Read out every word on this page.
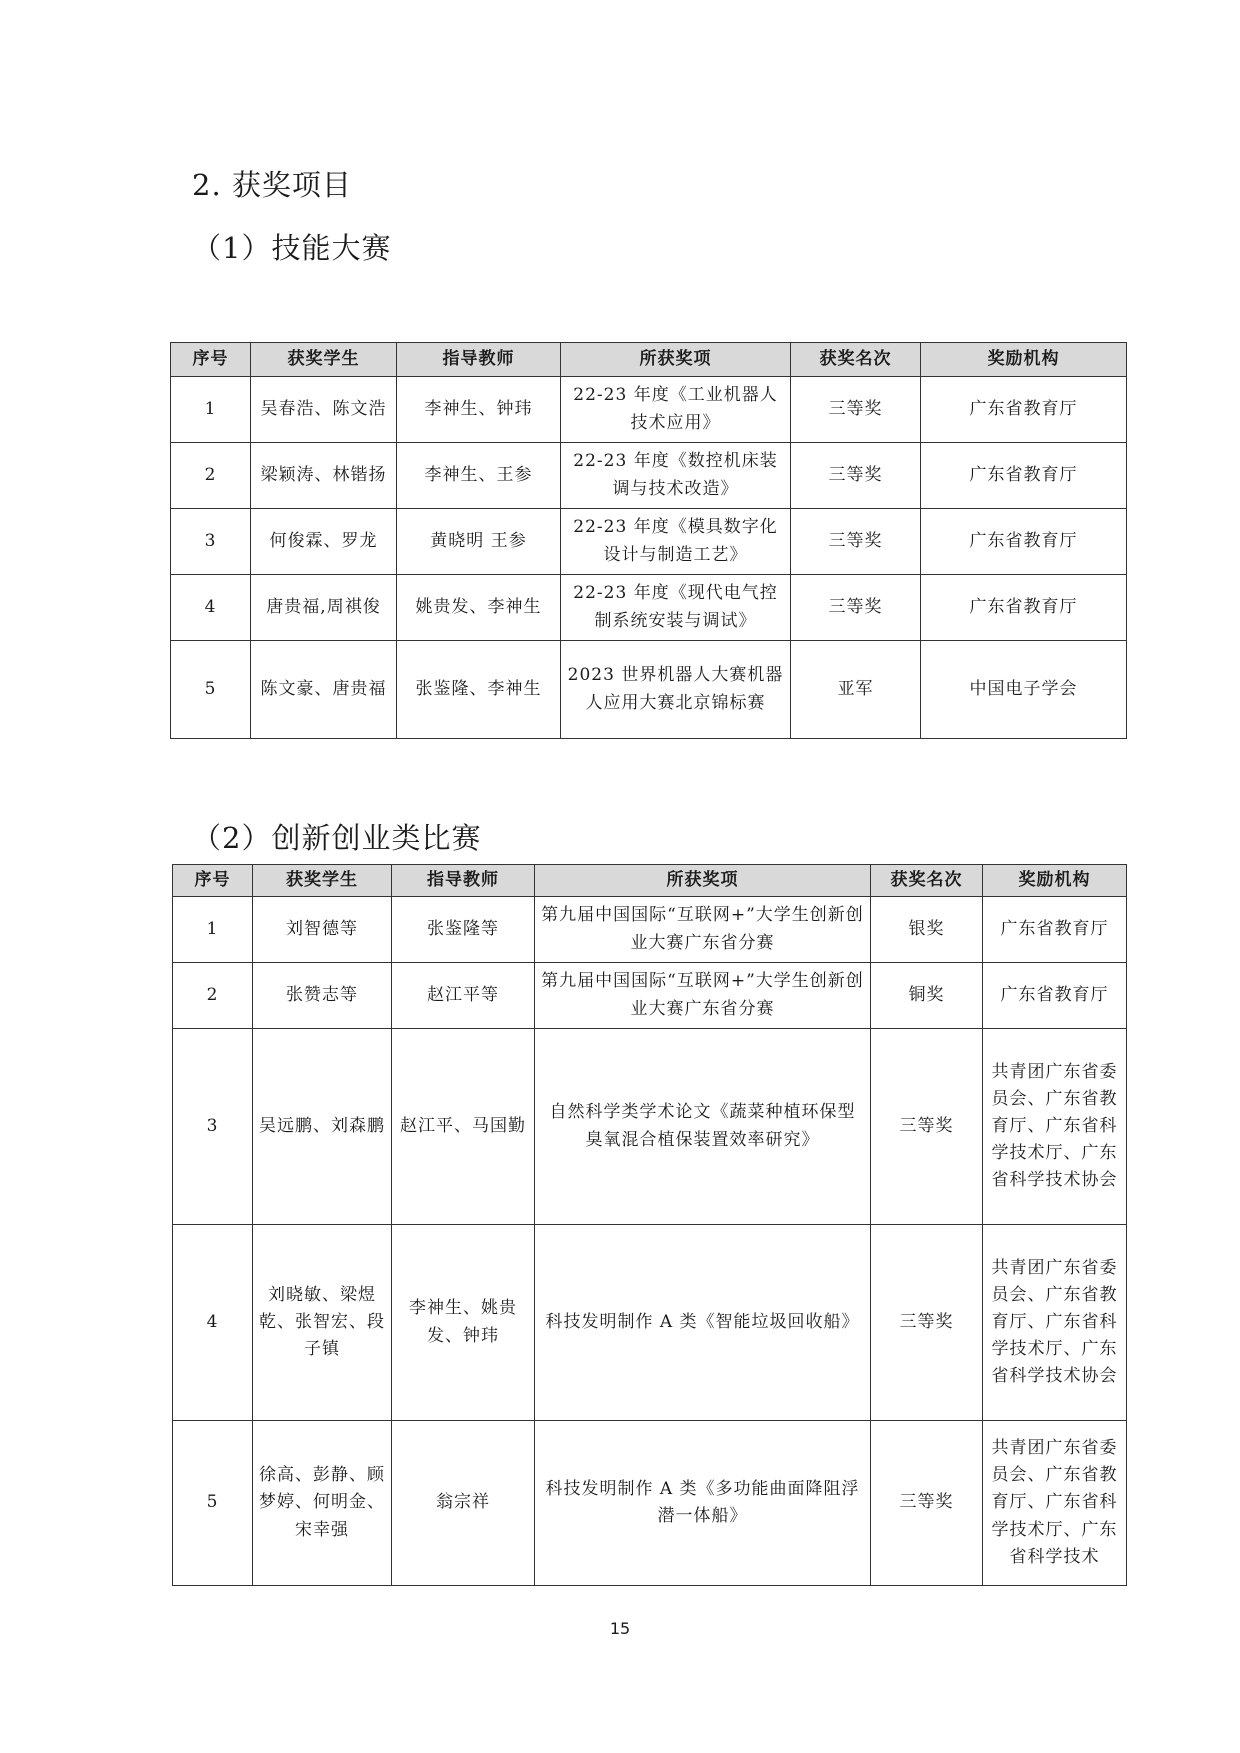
2. 获奖项目
（1）技能大赛
序号	获奖学生	指导教师	所获奖项	获奖名次	奖励机构
1	吴春浩、陈文浩	李神生、钟玮	22-23 年度《工业机器人技术应用》	三等奖	广东省教育厅
2	梁颖涛、林锴扬	李神生、王参	22-23 年度《数控机床装调与技术改造》	三等奖	广东省教育厅
3	何俊霖、罗龙	黄晓明 王参	22-23 年度《模具数字化设计与制造工艺》	三等奖	广东省教育厅
4	唐贵福,周祺俊	姚贵发、李神生	22-23 年度《现代电气控制系统安装与调试》	三等奖	广东省教育厅
5	陈文豪、唐贵福	张鉴隆、李神生	2023 世界机器人大赛机器人应用大赛北京锦标赛	亚军	中国电子学会
（2）创新创业类比赛
序号	获奖学生	指导教师	所获奖项	获奖名次	奖励机构
1	刘智德等	张鉴隆等	第九届中国国际“互联网+”大学生创新创业大赛广东省分赛	银奖	广东省教育厅
2	张赞志等	赵江平等	第九届中国国际“互联网+”大学生创新创业大赛广东省分赛	铜奖	广东省教育厅
3	吴远鹏、刘森鹏	赵江平、马国勤	自然科学类学术论文《蔬菜种植环保型臭氧混合植保装置效率研究》	三等奖	共青团广东省委员会、广东省教育厅、广东省科学技术厅、广东省科学技术协会
4	刘晓敏、梁煜乾、张智宏、段子镇	李神生、姚贵发、钟玮	科技发明制作 A 类《智能垃圾回收船》	三等奖	共青团广东省委员会、广东省教育厅、广东省科学技术厅、广东省科学技术协会
5	徐高、彭静、顾梦婷、何明金、宋幸强	翁宗祥	科技发明制作 A 类《多功能曲面降阻浮潜一体船》	三等奖	共青团广东省委员会、广东省教育厅、广东省科学技术厅、广东省科学技术
15
